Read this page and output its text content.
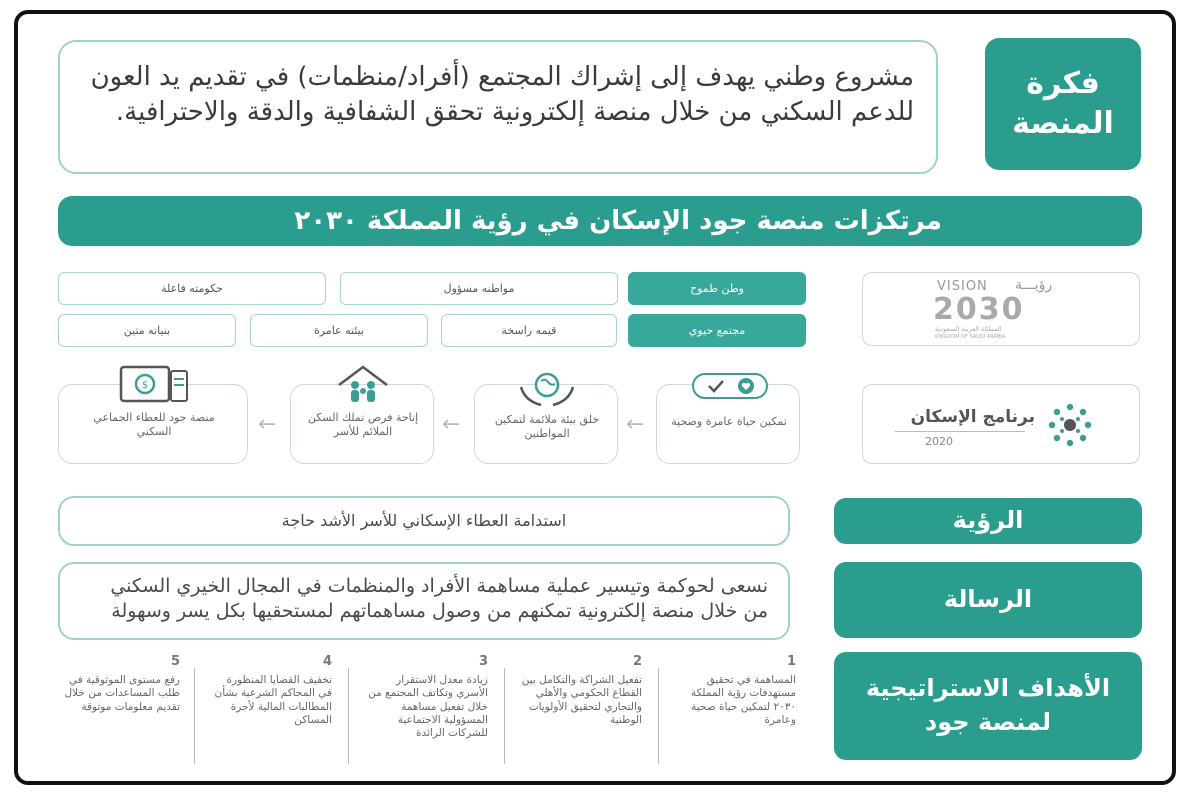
فكرة
المنصة
مشروع وطني يهدف إلى إشراك المجتمع (أفراد/منظمات) في تقديم يد العون للدعم السكني من خلال منصة إلكترونية تحقق الشفافية والدقة والاحترافية.
مرتكزات منصة جود الإسكان في رؤية المملكة ٢٠٣٠
وطن طموح
مواطنه مسؤول
حكومته فاعلة
مجتمع حيوي
قيمه راسخة
بيئته عامرة
بنيانه متين
VISION رؤيـــة
2030
المملكة العربية السعودية
KINGDOM OF SAUDI ARABIA
برنامج الإسكان
2020
تمكين حياة عامرة وصحية
←
خلق بيئة ملائمة لتمكين المواطنين
←
إتاحة فرص تملك السكن الملائم للأسر
←
$
منصة جود للعطاء الجماعي السكني
الرؤية
استدامة العطاء الإسكاني للأسر الأشد حاجة
الرسالة
نسعى لحوكمة وتيسير عملية مساهمة الأفراد والمنظمات في المجال الخيري السكني من خلال منصة إلكترونية تمكنهم من وصول مساهماتهم لمستحقيها بكل يسر وسهولة
الأهداف الاستراتيجية
لمنصة جود
1
المساهمة في تحقيق مستهدفات رؤية المملكة ٢٠٣٠ لتمكين حياة صحية وعامرة
2
تفعيل الشراكة والتكامل بين القطاع الحكومي والأهلي والتجاري لتحقيق الأولويات الوطنية
3
زيادة معدل الاستقرار الأسري وتكاتف المجتمع من خلال تفعيل مساهمة المسؤولية الاجتماعية للشركات الرائدة
4
تخفيف القضايا المنظورة في المحاكم الشرعية بشأن المطالبات المالية لأجرة المساكن
5
رفع مستوى الموثوقية في طلب المساعدات من خلال تقديم معلومات موثوقة
